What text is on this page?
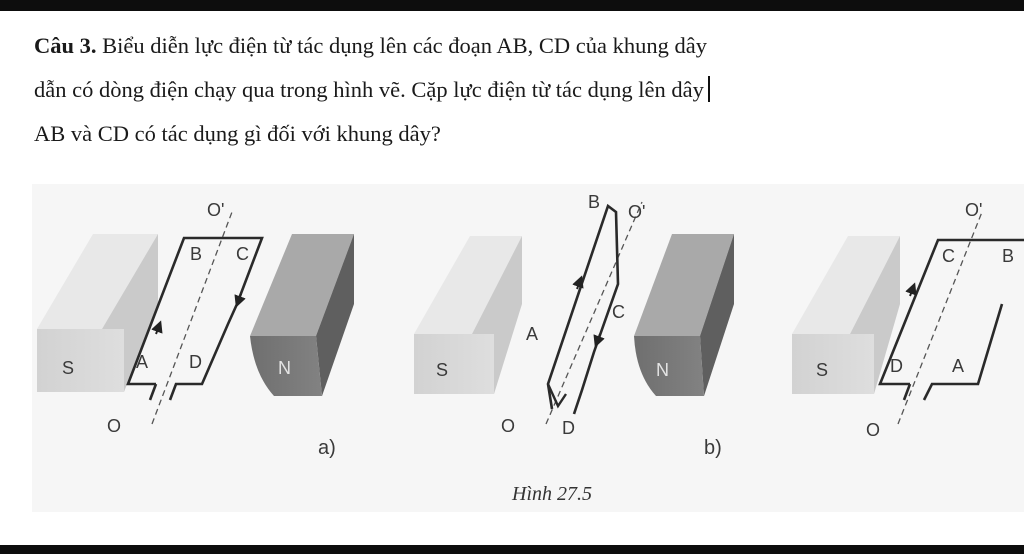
Câu 3. Biểu diễn lực điện từ tác dụng lên các đoạn AB, CD của khung dây
dẫn có dòng điện chạy qua trong hình vẽ. Cặp lực điện từ tác dụng lên dây
AB và CD có tác dụng gì đối với khung dây?
S	N
O'
O
B C
A D
a)
S	N
O'
O
B
C
A
D
b)
S
O'
O
C	B
D	A
Hình 27.5
